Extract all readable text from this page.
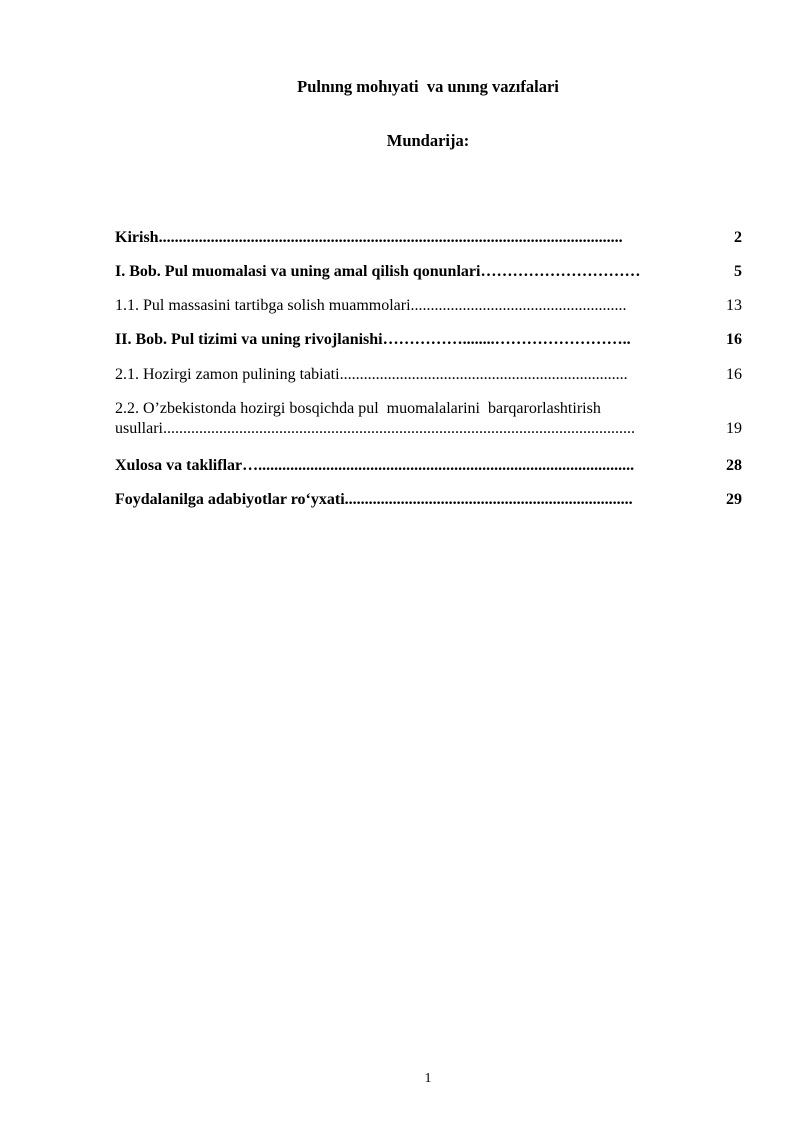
Pulnıng mohıyati  va unıng vazıfalari
Mundarija:
Kirish ....................................................................................................................	2
I. Bob. Pul muomalasi va uning amal qilish qonunlari …………………………	5
1.1. Pul massasini tartibga solish muammolari ......................................................	13
II. Bob. Pul tizimi va uning rivojlanishi ……………........……………………..	16
2.1. Hozirgi zamon pulining tabiati ........................................................................	16
2.2. O’zbekistonda hozirgi bosqichda pul  muomalalarini  barqarorlashtirish
usullari ......................................................................................................................	19
Xulosa va takliflar …..............................................................................................	28
Foydalanilga adabiyotlar ro‘yxati ........................................................................	29
1
